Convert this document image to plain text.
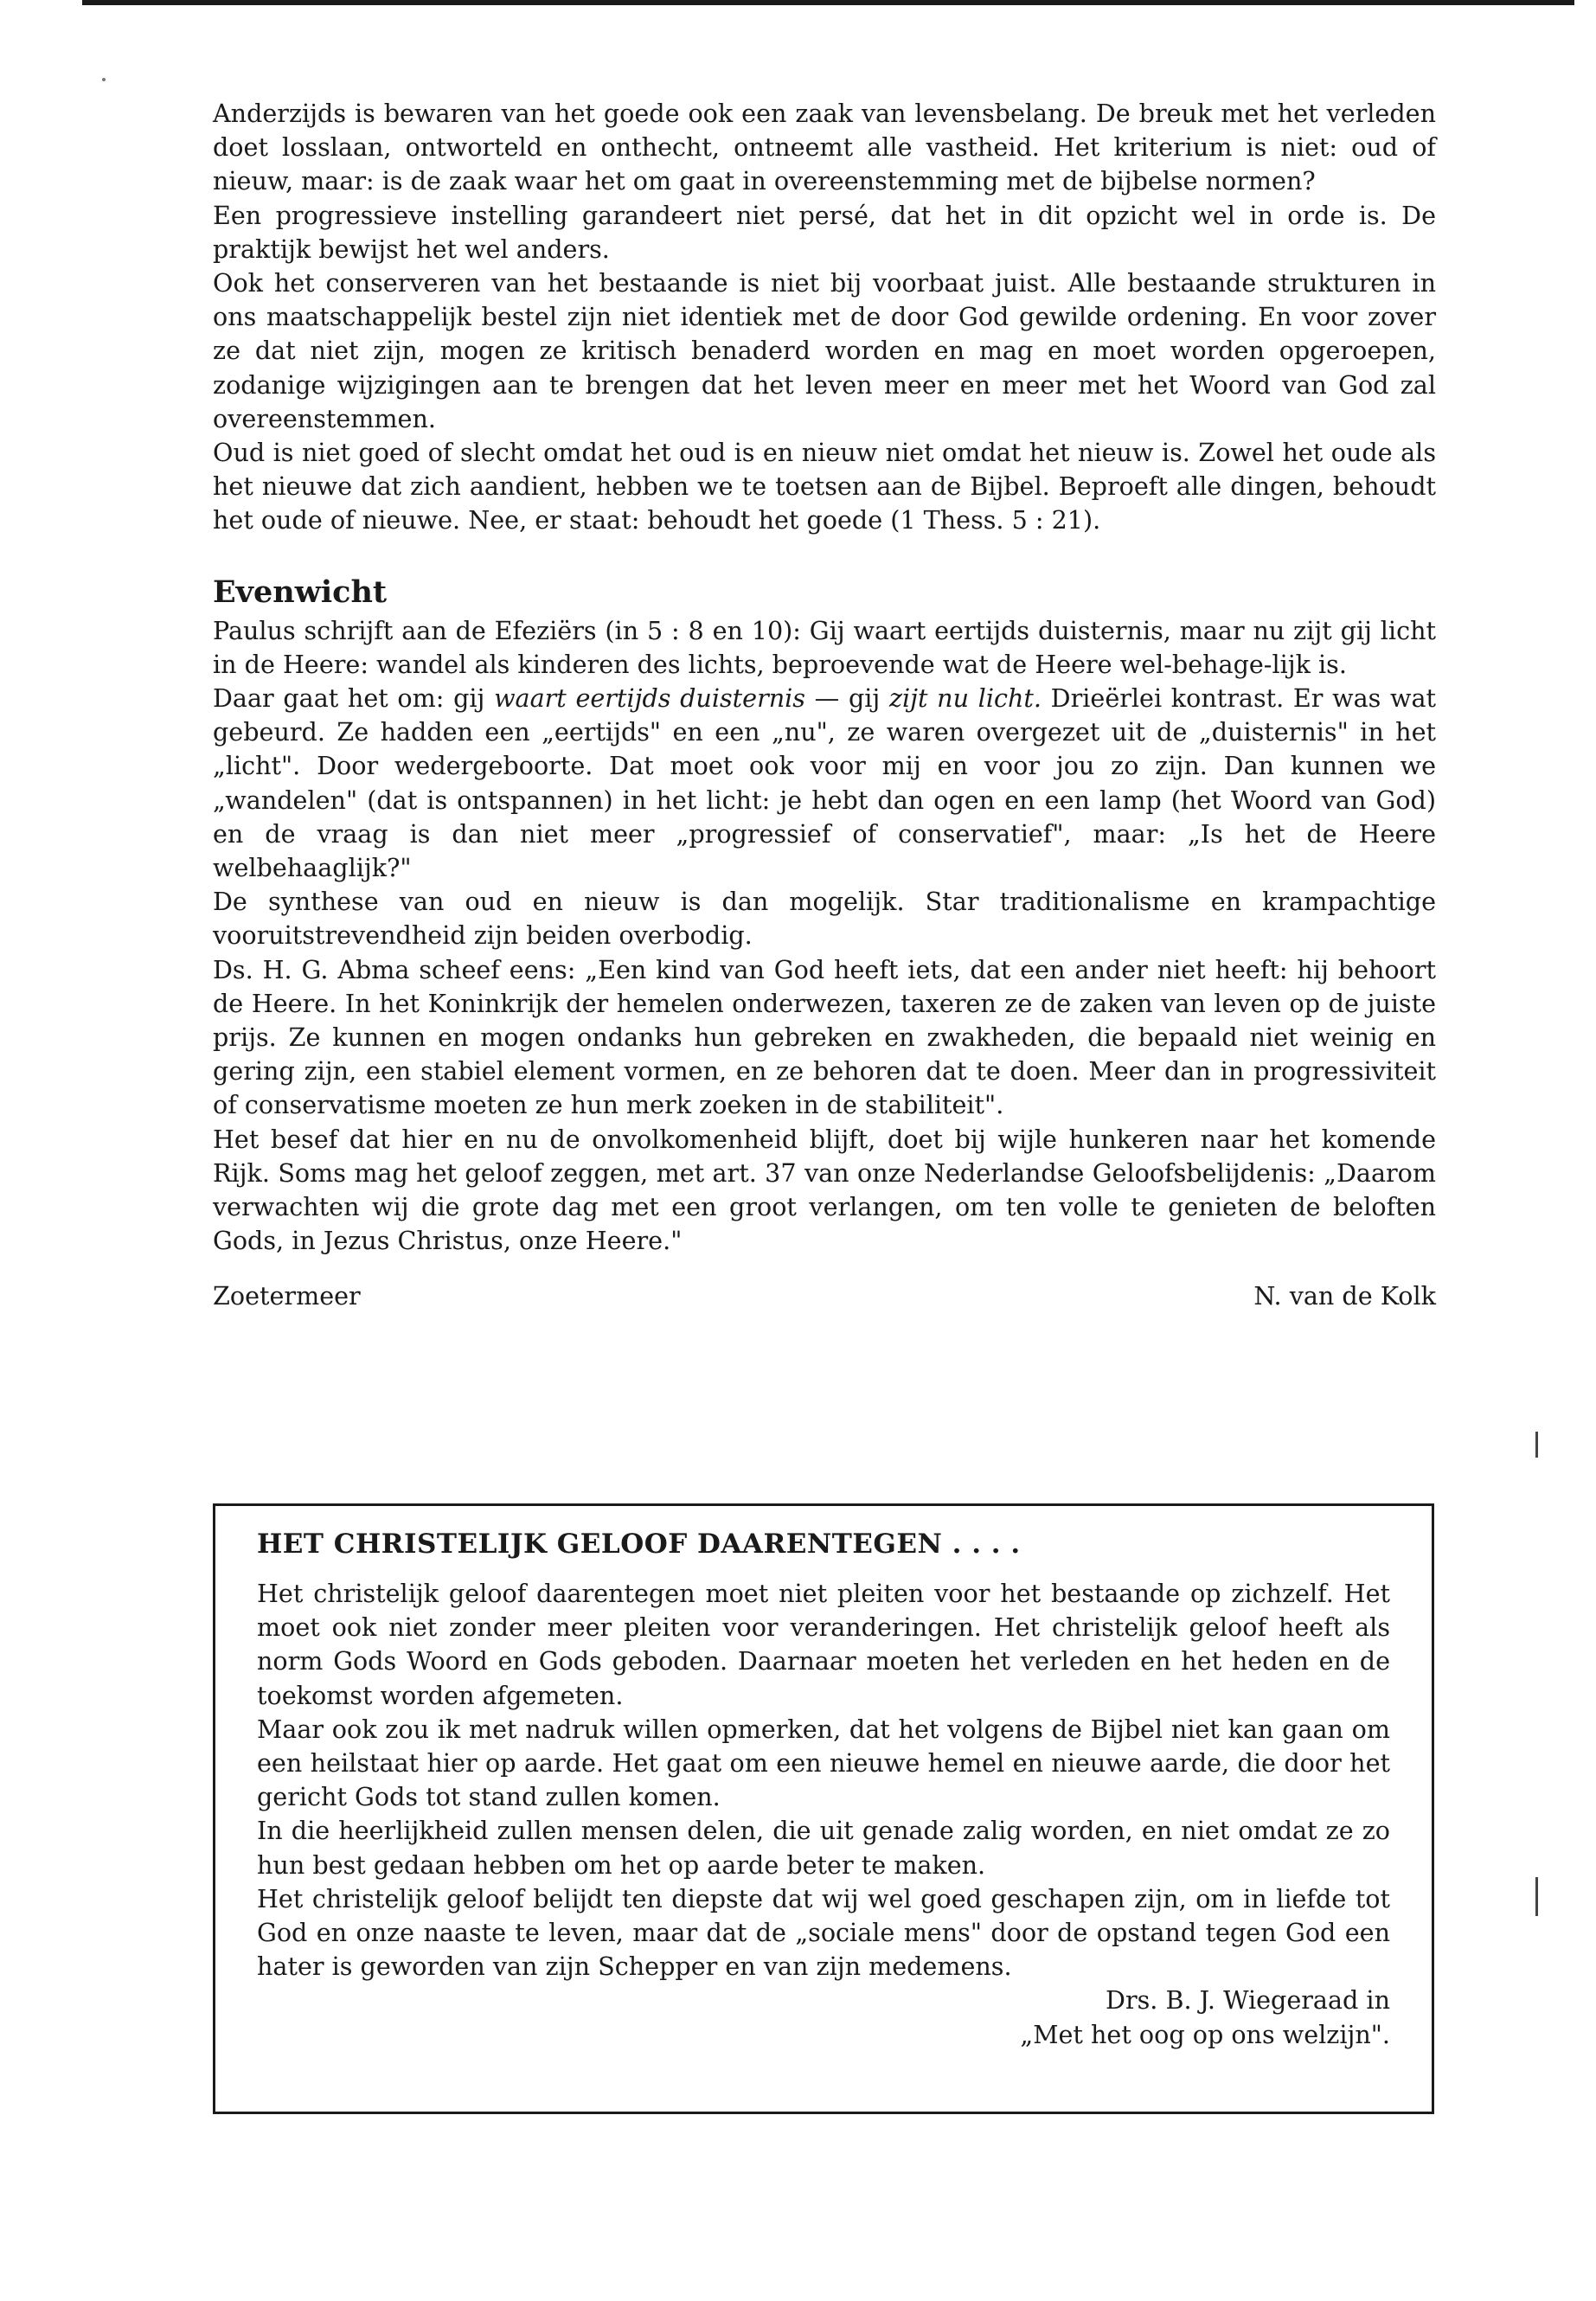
Anderzijds is bewaren van het goede ook een zaak van levensbelang. De breuk met het verleden doet losslaan, ontworteld en onthecht, ontneemt alle vastheid. Het kriterium is niet: oud of nieuw, maar: is de zaak waar het om gaat in overeenstemming met de bijbelse normen?

Een progressieve instelling garandeert niet persé, dat het in dit opzicht wel in orde is. De praktijk bewijst het wel anders.

Ook het conserveren van het bestaande is niet bij voorbaat juist. Alle bestaande strukturen in ons maatschappelijk bestel zijn niet identiek met de door God gewilde ordening. En voor zover ze dat niet zijn, mogen ze kritisch benaderd worden en mag en moet worden opgeroepen, zodanige wijzigingen aan te brengen dat het leven meer en meer met het Woord van God zal overeenstemmen.

Oud is niet goed of slecht omdat het oud is en nieuw niet omdat het nieuw is. Zowel het oude als het nieuwe dat zich aandient, hebben we te toetsen aan de Bijbel. Beproeft alle dingen, behoudt het oude of nieuwe. Nee, er staat: behoudt het goede (1 Thess. 5 : 21).

Evenwicht

Paulus schrijft aan de Efeziërs (in 5 : 8 en 10): Gij waart eertijds duisternis, maar nu zijt gij licht in de Heere: wandel als kinderen des lichts, beproevende wat de Heere wel-behage-lijk is.

Daar gaat het om: gij waart eertijds duisternis — gij zijt nu licht. Drieërlei kontrast. Er was wat gebeurd. Ze hadden een „eertijds" en een „nu", ze waren overgezet uit de „duisternis" in het „licht". Door wedergeboorte. Dat moet ook voor mij en voor jou zo zijn. Dan kunnen we „wandelen" (dat is ontspannen) in het licht: je hebt dan ogen en een lamp (het Woord van God) en de vraag is dan niet meer „progressief of conservatief", maar: „Is het de Heere welbehaaglijk?"

De synthese van oud en nieuw is dan mogelijk. Star traditionalisme en krampachtige vooruitstrevendheid zijn beiden overbodig.

Ds. H. G. Abma scheef eens: „Een kind van God heeft iets, dat een ander niet heeft: hij behoort de Heere. In het Koninkrijk der hemelen onderwezen, taxeren ze de zaken van leven op de juiste prijs. Ze kunnen en mogen ondanks hun gebreken en zwakheden, die bepaald niet weinig en gering zijn, een stabiel element vormen, en ze behoren dat te doen. Meer dan in progressiviteit of conservatisme moeten ze hun merk zoeken in de stabiliteit".

Het besef dat hier en nu de onvolkomenheid blijft, doet bij wijle hunkeren naar het komende Rijk. Soms mag het geloof zeggen, met art. 37 van onze Nederlandse Geloofsbelijdenis: „Daarom verwachten wij die grote dag met een groot verlangen, om ten volle te genieten de beloften Gods, in Jezus Christus, onze Heere."

Zoetermeer	N. van de Kolk
HET CHRISTELIJK GELOOF DAARENTEGEN . . . .

Het christelijk geloof daarentegen moet niet pleiten voor het bestaande op zichzelf. Het moet ook niet zonder meer pleiten voor veranderingen. Het christelijk geloof heeft als norm Gods Woord en Gods geboden. Daarnaar moeten het verleden en het heden en de toekomst worden afgemeten.

Maar ook zou ik met nadruk willen opmerken, dat het volgens de Bijbel niet kan gaan om een heilstaat hier op aarde. Het gaat om een nieuwe hemel en nieuwe aarde, die door het gericht Gods tot stand zullen komen.

In die heerlijkheid zullen mensen delen, die uit genade zalig worden, en niet omdat ze zo hun best gedaan hebben om het op aarde beter te maken.

Het christelijk geloof belijdt ten diepste dat wij wel goed geschapen zijn, om in liefde tot God en onze naaste te leven, maar dat de „sociale mens" door de opstand tegen God een hater is geworden van zijn Schepper en van zijn medemens.

Drs. B. J. Wiegeraad in

„Met het oog op ons welzijn".
